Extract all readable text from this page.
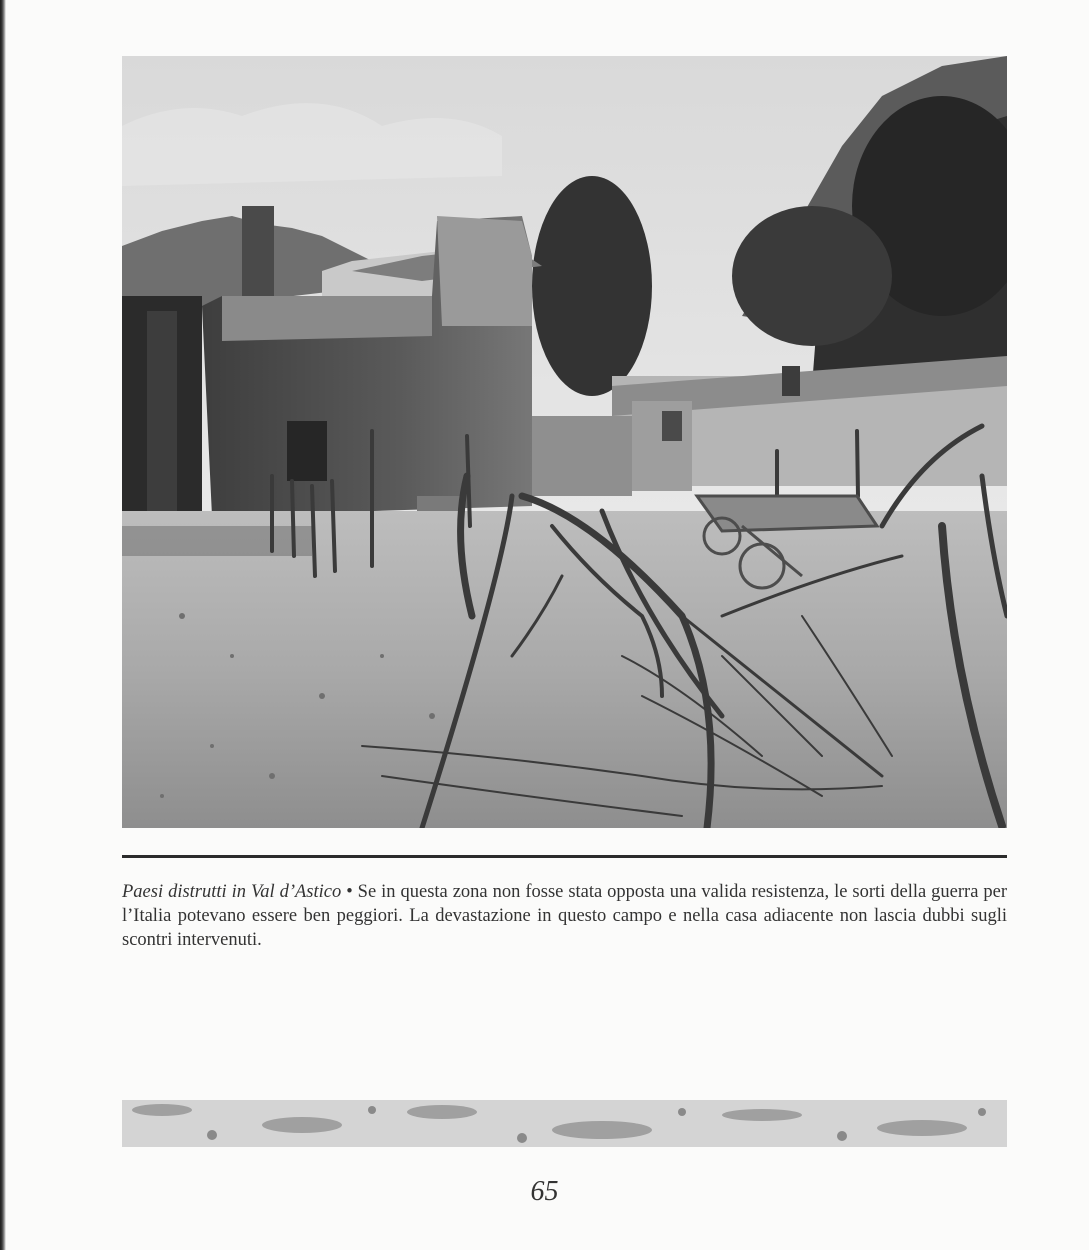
Paesi distrutti in Val d’Astico • Se in questa zona non fosse stata opposta una valida resistenza, le sorti della guerra per l’Italia potevano essere ben peggiori. La devastazione in questo campo e nella casa adiacente non lascia dubbi sugli scontri intervenuti.

65
